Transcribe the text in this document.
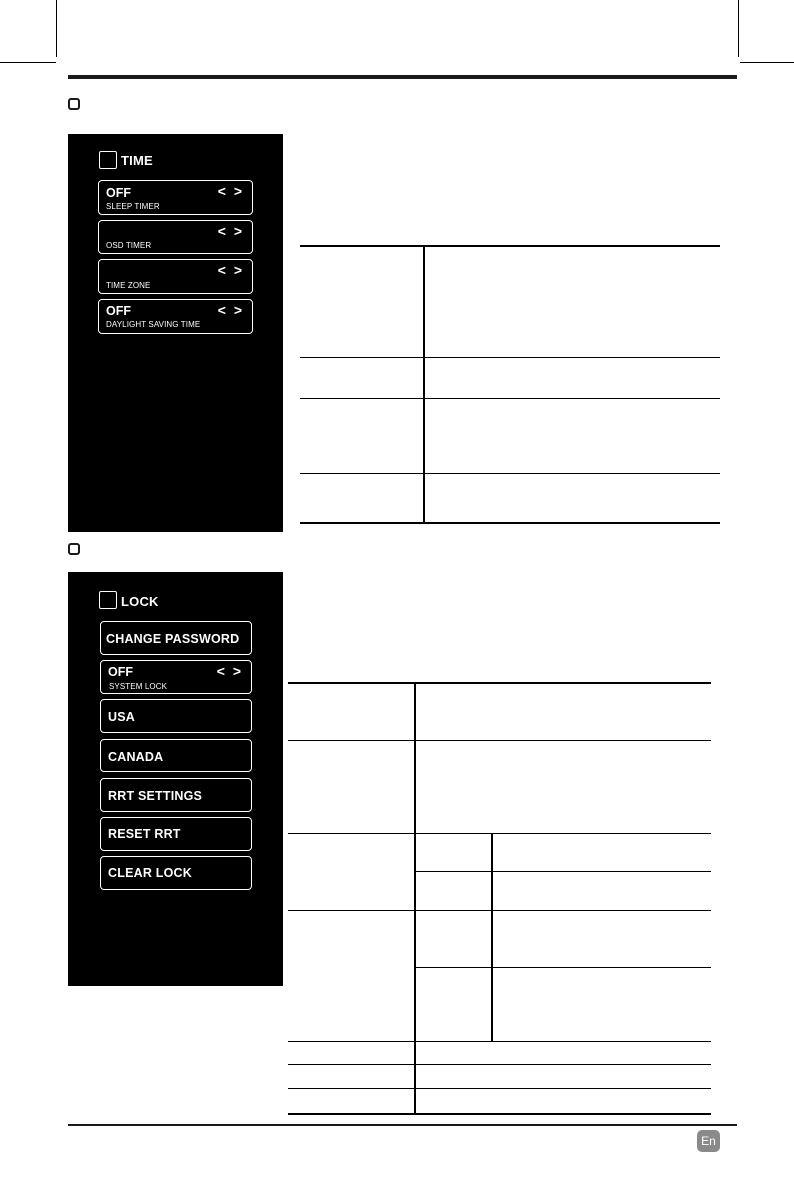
TIME
OFF	< >
SLEEP TIMER
< >
OSD TIMER
< >
TIME ZONE
OFF	< >
DAYLIGHT SAVING TIME
LOCK
CHANGE PASSWORD
OFF	< >
SYSTEM LOCK
USA
CANADA
RRT SETTINGS
RESET RRT
CLEAR LOCK
En
